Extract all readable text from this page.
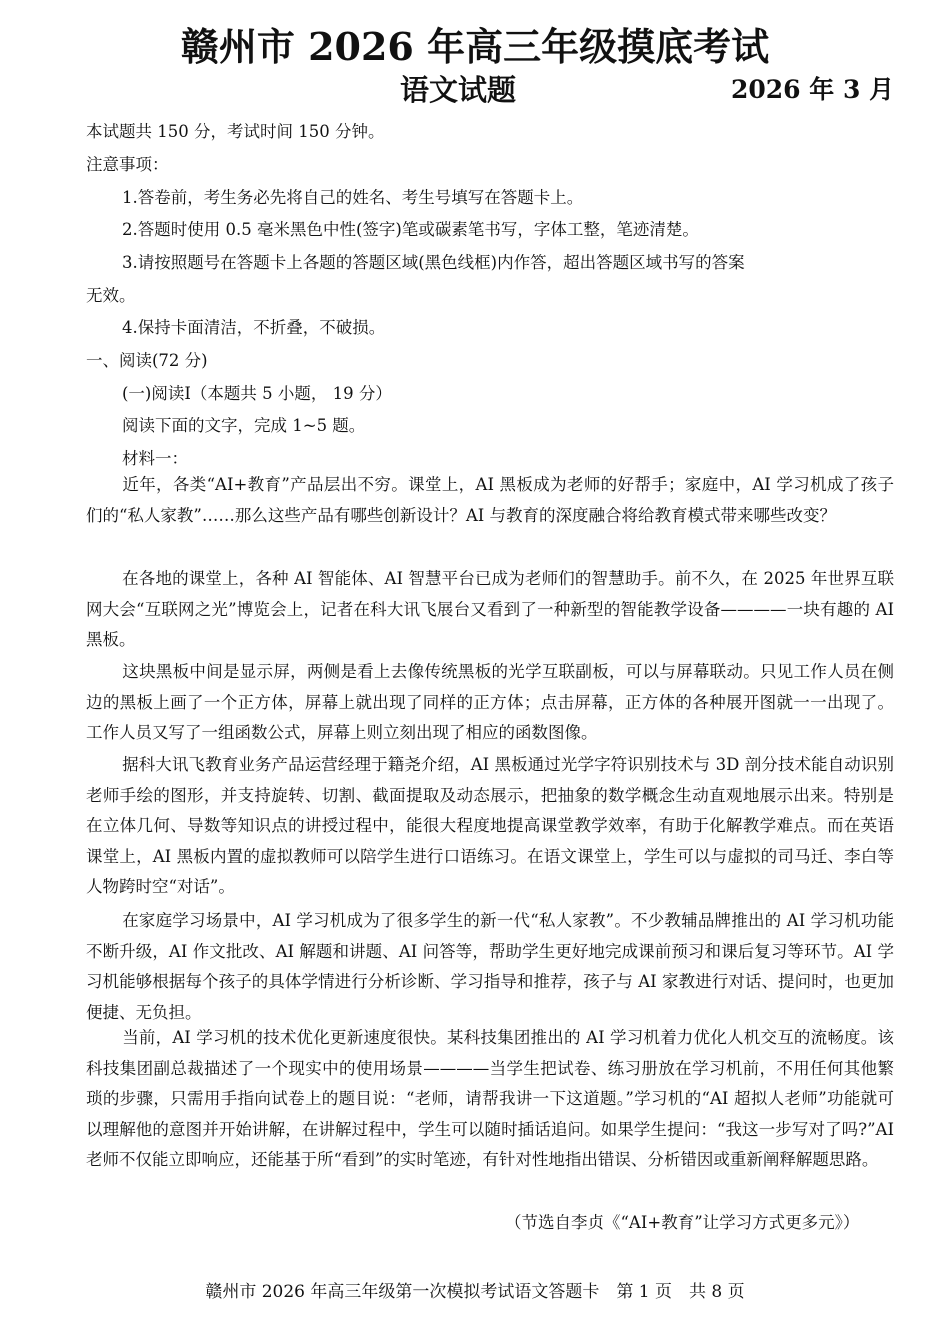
赣州市 2026 年高三年级摸底考试
语文试题	2026 年 3 月
本试题共 150 分，考试时间 150 分钟。
注意事项：
1.答卷前，考生务必先将自己的姓名、考生号填写在答题卡上。
2.答题时使用 0.5 毫米黑色中性(签字)笔或碳素笔书写，字体工整，笔迹清楚。
3.请按照题号在答题卡上各题的答题区域(黑色线框)内作答，超出答题区域书写的答案
无效。
4.保持卡面清洁，不折叠，不破损。
一、阅读(72 分)
(一)阅读Ⅰ（本题共 5 小题， 19 分）
阅读下面的文字，完成 1~5 题。
材料一：
近年，各类“AI+教育”产品层出不穷。课堂上，AI 黑板成为老师的好帮手；家庭中，AI 学习机成了孩子们的“私人家教”……那么这些产品有哪些创新设计？AI 与教育的深度融合将给教育模式带来哪些改变？
在各地的课堂上，各种 AI 智能体、AI 智慧平台已成为老师们的智慧助手。前不久，在 2025 年世界互联网大会“互联网之光”博览会上，记者在科大讯飞展台又看到了一种新型的智能教学设备————一块有趣的 AI 黑板。
这块黑板中间是显示屏，两侧是看上去像传统黑板的光学互联副板，可以与屏幕联动。只见工作人员在侧边的黑板上画了一个正方体，屏幕上就出现了同样的正方体；点击屏幕，正方体的各种展开图就一一出现了。工作人员又写了一组函数公式，屏幕上则立刻出现了相应的函数图像。
据科大讯飞教育业务产品运营经理于籍尧介绍，AI 黑板通过光学字符识别技术与 3D 剖分技术能自动识别老师手绘的图形，并支持旋转、切割、截面提取及动态展示，把抽象的数学概念生动直观地展示出来。特别是在立体几何、导数等知识点的讲授过程中，能很大程度地提高课堂教学效率，有助于化解教学难点。而在英语课堂上，AI 黑板内置的虚拟教师可以陪学生进行口语练习。在语文课堂上，学生可以与虚拟的司马迁、李白等人物跨时空“对话”。
在家庭学习场景中，AI 学习机成为了很多学生的新一代“私人家教”。不少教辅品牌推出的 AI 学习机功能不断升级，AI 作文批改、AI 解题和讲题、AI 问答等，帮助学生更好地完成课前预习和课后复习等环节。AI 学习机能够根据每个孩子的具体学情进行分析诊断、学习指导和推荐，孩子与 AI 家教进行对话、提问时，也更加便捷、无负担。
当前，AI 学习机的技术优化更新速度很快。某科技集团推出的 AI 学习机着力优化人机交互的流畅度。该科技集团副总裁描述了一个现实中的使用场景————当学生把试卷、练习册放在学习机前，不用任何其他繁琐的步骤，只需用手指向试卷上的题目说：“老师，请帮我讲一下这道题。”学习机的“AI 超拟人老师”功能就可以理解他的意图并开始讲解，在讲解过程中，学生可以随时插话追问。如果学生提问：“我这一步写对了吗?”AI 老师不仅能立即响应，还能基于所“看到”的实时笔迹，有针对性地指出错误、分析错因或重新阐释解题思路。
（节选自李贞《“AI+教育”让学习方式更多元》）
赣州市 2026 年高三年级第一次模拟考试语文答题卡　第 1 页　共 8 页
